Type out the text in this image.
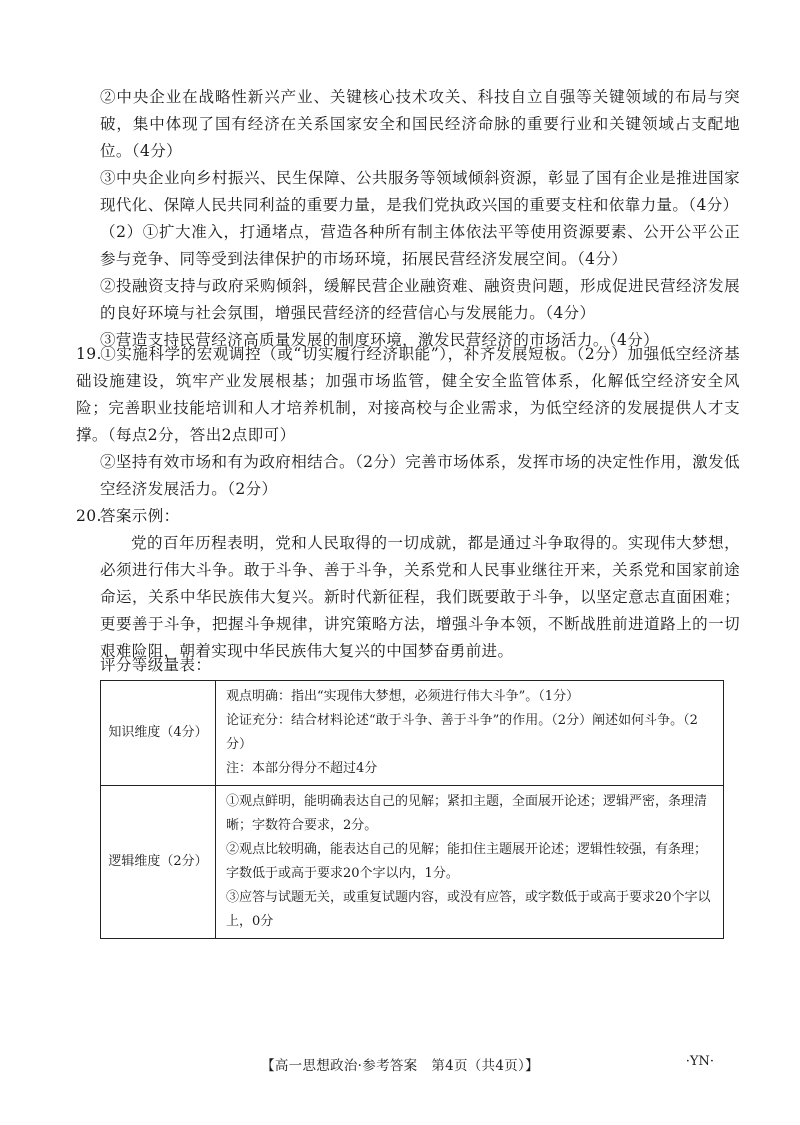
②中央企业在战略性新兴产业、关键核心技术攻关、科技自立自强等关键领域的布局与突破，集中体现了国有经济在关系国家安全和国民经济命脉的重要行业和关键领域占支配地位。（4分）

③中央企业向乡村振兴、民生保障、公共服务等领域倾斜资源，彰显了国有企业是推进国家现代化、保障人民共同利益的重要力量，是我们党执政兴国的重要支柱和依靠力量。（4分）

（2）①扩大准入，打通堵点，营造各种所有制主体依法平等使用资源要素、公开公平公正参与竞争、同等受到法律保护的市场环境，拓展民营经济发展空间。（4分）

②投融资支持与政府采购倾斜，缓解民营企业融资难、融资贵问题，形成促进民营经济发展的良好环境与社会氛围，增强民营经济的经营信心与发展能力。（4分）

③营造支持民营经济高质量发展的制度环境，激发民营经济的市场活力。（4分）

19.①实施科学的宏观调控（或“切实履行经济职能”），补齐发展短板。（2分）加强低空经济基础设施建设，筑牢产业发展根基；加强市场监管，健全安全监管体系，化解低空经济安全风险；完善职业技能培训和人才培养机制，对接高校与企业需求，为低空经济的发展提供人才支撑。（每点2分，答出2点即可）

②坚持有效市场和有为政府相结合。（2分）完善市场体系，发挥市场的决定性作用，激发低空经济发展活力。（2分）

20.答案示例：

党的百年历程表明，党和人民取得的一切成就，都是通过斗争取得的。实现伟大梦想，必须进行伟大斗争。敢于斗争、善于斗争，关系党和人民事业继往开来，关系党和国家前途命运，关系中华民族伟大复兴。新时代新征程，我们既要敢于斗争，以坚定意志直面困难；更要善于斗争，把握斗争规律，讲究策略方法，增强斗争本领，不断战胜前进道路上的一切艰难险阻，朝着实现中华民族伟大复兴的中国梦奋勇前进。

评分等级量表：

知识维度（4分）	观点明确：指出“实现伟大梦想，必须进行伟大斗争”。（1分）

论证充分：结合材料论述“敢于斗争、善于斗争”的作用。（2分）阐述如何斗争。（2分）

注：本部分得分不超过4分

逻辑维度（2分）	①观点鲜明，能明确表达自己的见解；紧扣主题，全面展开论述；逻辑严密，条理清晰；字数符合要求，2分。

②观点比较明确，能表达自己的见解；能扣住主题展开论述；逻辑性较强，有条理；字数低于或高于要求20个字以内，1分。

③应答与试题无关，或重复试题内容，或没有应答，或字数低于或高于要求20个字以上，0分

【高一思想政治·参考答案　第4页（共4页）】	·YN·
